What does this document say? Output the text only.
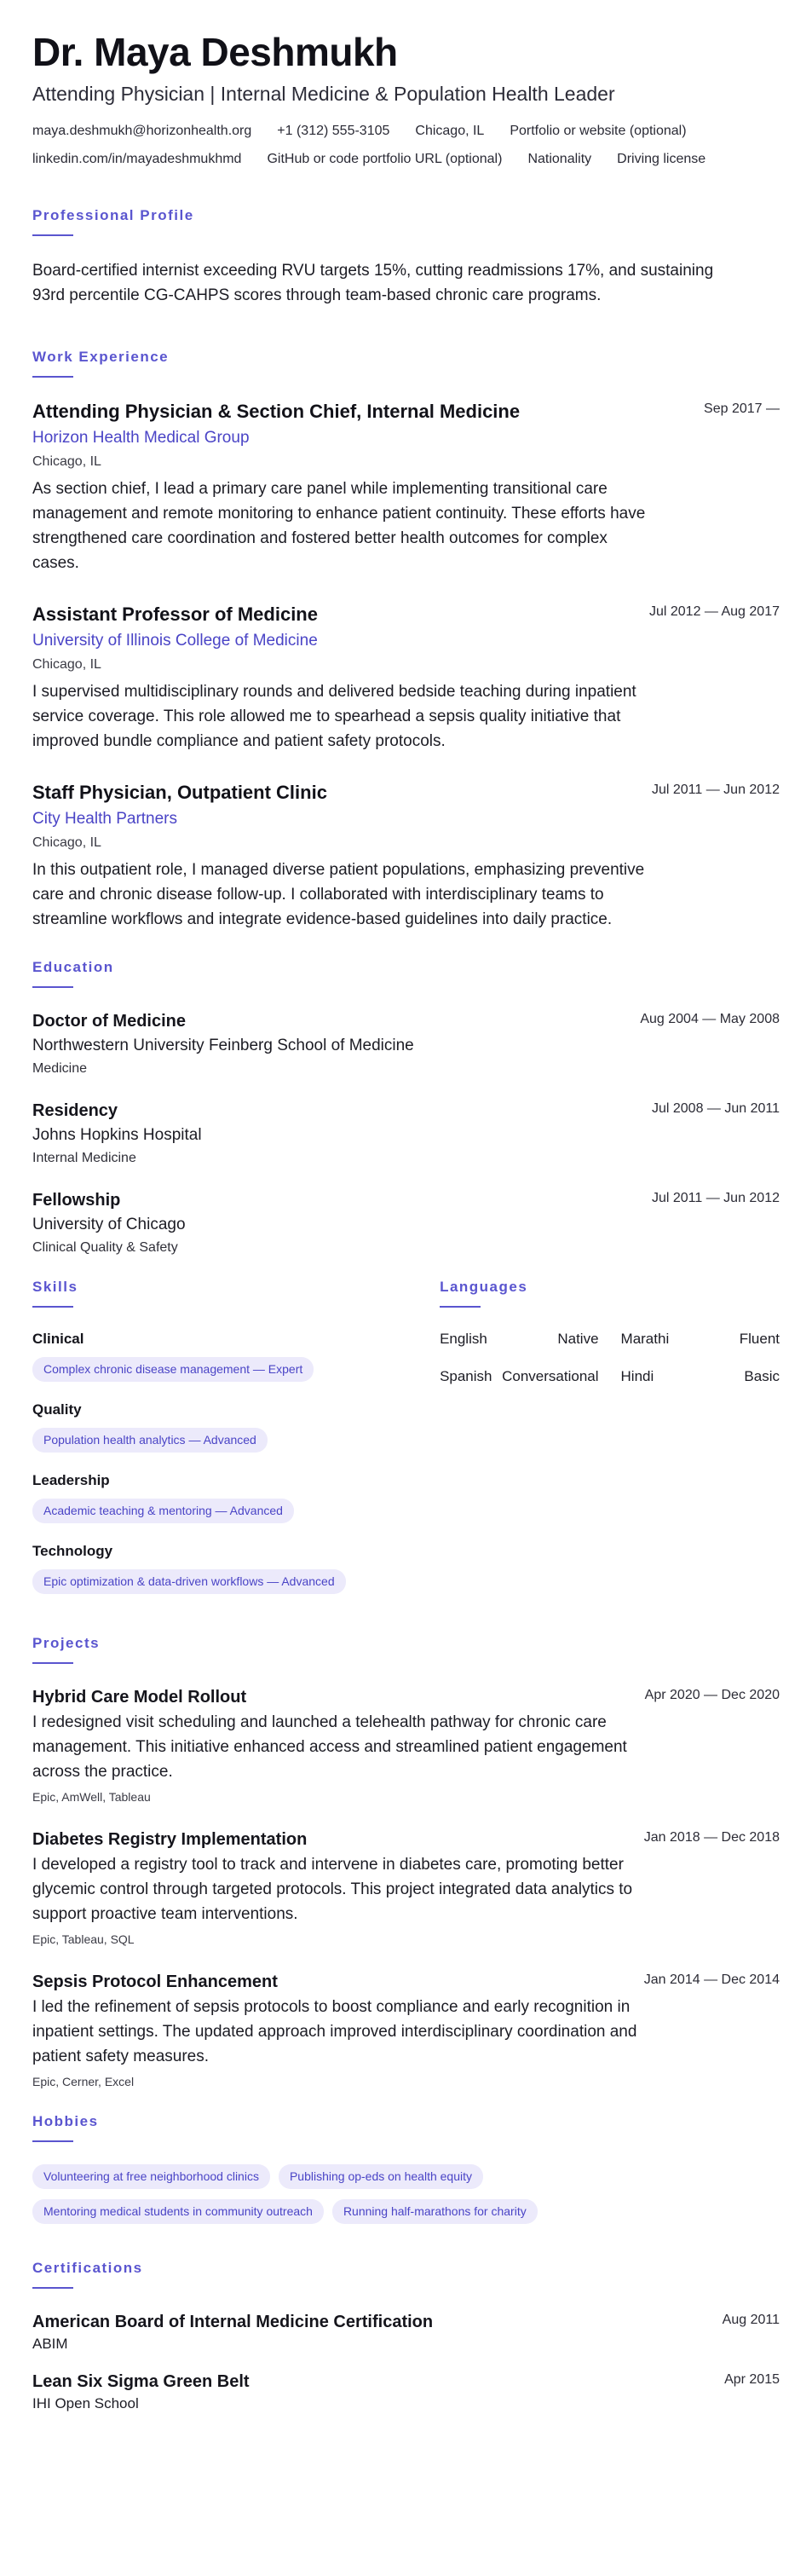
Dr. Maya Deshmukh
Attending Physician | Internal Medicine & Population Health Leader
maya.deshmukh@horizonhealth.org +1 (312) 555-3105 Chicago, IL Portfolio or website (optional)
linkedin.com/in/mayadeshmukhmd GitHub or code portfolio URL (optional) Nationality Driving license
Professional Profile

Board-certified internist exceeding RVU targets 15%, cutting readmissions 17%, and sustaining 93rd percentile CG-CAHPS scores through team-based chronic care programs.

Work Experience
Attending Physician & Section Chief, Internal Medicine	Sep 2017 —
Horizon Health Medical Group
Chicago, IL

As section chief, I lead a primary care panel while implementing transitional care management and remote monitoring to enhance patient continuity. These efforts have strengthened care coordination and fostered better health outcomes for complex cases.

Assistant Professor of Medicine	Jul 2012 — Aug 2017
University of Illinois College of Medicine
Chicago, IL

I supervised multidisciplinary rounds and delivered bedside teaching during inpatient service coverage. This role allowed me to spearhead a sepsis quality initiative that improved bundle compliance and patient safety protocols.

Staff Physician, Outpatient Clinic	Jul 2011 — Jun 2012
City Health Partners
Chicago, IL

In this outpatient role, I managed diverse patient populations, emphasizing preventive care and chronic disease follow-up. I collaborated with interdisciplinary teams to streamline workflows and integrate evidence-based guidelines into daily practice.

Education
Doctor of Medicine	Aug 2004 — May 2008
Northwestern University Feinberg School of Medicine
Medicine
Residency	Jul 2008 — Jun 2011
Johns Hopkins Hospital
Internal Medicine
Fellowship	Jul 2011 — Jun 2012
University of Chicago
Clinical Quality & Safety
Skills
Clinical
Complex chronic disease management — Expert
Quality
Population health analytics — Advanced
Leadership
Academic teaching & mentoring — Advanced
Technology
Epic optimization & data-driven workflows — Advanced
Languages
English	Native Marathi	Fluent
Spanish Conversational Hindi	Basic
Projects
Hybrid Care Model Rollout	Apr 2020 — Dec 2020

I redesigned visit scheduling and launched a telehealth pathway for chronic care management. This initiative enhanced access and streamlined patient engagement across the practice.

Epic, AmWell, Tableau
Diabetes Registry Implementation	Jan 2018 — Dec 2018

I developed a registry tool to track and intervene in diabetes care, promoting better glycemic control through targeted protocols. This project integrated data analytics to support proactive team interventions.

Epic, Tableau, SQL
Sepsis Protocol Enhancement	Jan 2014 — Dec 2014

I led the refinement of sepsis protocols to boost compliance and early recognition in inpatient settings. The updated approach improved interdisciplinary coordination and patient safety measures.

Epic, Cerner, Excel
Hobbies
Volunteering at free neighborhood clinics	Publishing op-eds on health equity
Mentoring medical students in community outreach	Running half-marathons for charity
Certifications
American Board of Internal Medicine Certification	Aug 2011
ABIM
Lean Six Sigma Green Belt	Apr 2015
IHI Open School
